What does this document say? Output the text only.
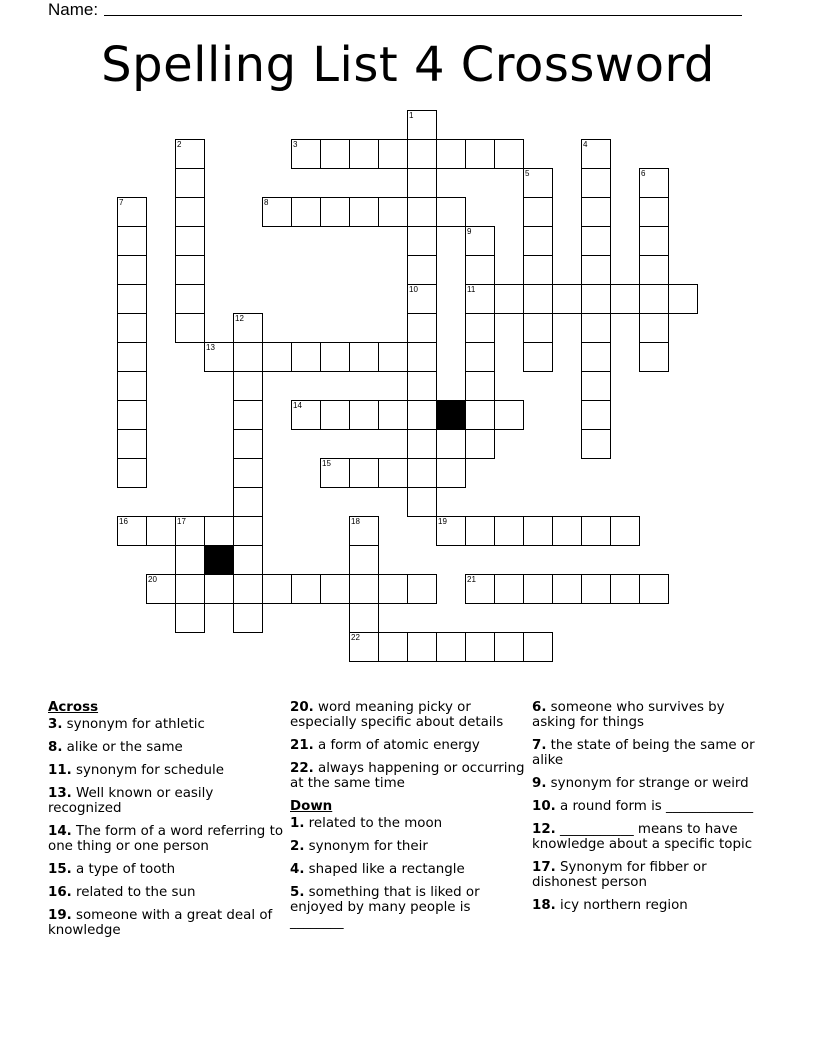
Name:
Spelling List 4 Crossword
1
2	3	4
5	6
7	8
9
10	11
12
13
14
15
16	17	18	19
20	21
22
Across
3. synonym for athletic
8. alike or the same
11. synonym for schedule
13. Well known or easily recognized
14. The form of a word referring to one thing or one person
15. a type of tooth
16. related to the sun
19. someone with a great deal of knowledge
20. word meaning picky or especially specific about details
21. a form of atomic energy
22. always happening or occurring at the same time
Down
1. related to the moon
2. synonym for their
4. shaped like a rectangle
5. something that is liked or enjoyed by many people is ________
6. someone who survives by asking for things
7. the state of being the same or alike
9. synonym for strange or weird
10. a round form is _____________
12. ___________ means to have knowledge about a specific topic
17. Synonym for fibber or dishonest person
18. icy northern region
